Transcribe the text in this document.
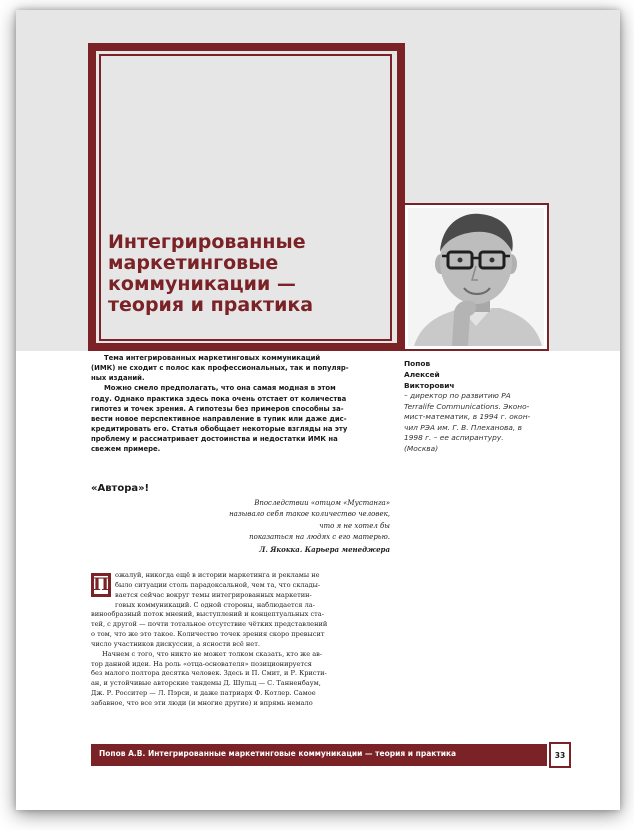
Интегрированные
маркетинговые
коммуникации —
теория и практика
Попов
Алексей
Викторович
– директор по развитию РА
Terralife Communications. Эконо-
мист-математик, в 1994 г. окон-
чил РЭА им. Г. В. Плеханова, в
1998 г. – ее аспирантуру.
(Москва)
Тема интегрированных маркетинговых коммуникаций
(ИМК) не сходит с полос как профессиональных, так и популяр-
ных изданий.
Можно смело предполагать, что она самая модная в этом
году. Однако практика здесь пока очень отстает от количества
гипотез и точек зрения. А гипотезы без примеров способны за-
вести новое перспективное направление в тупик или даже дис-
кредитировать его. Статья обобщает некоторые взгляды на эту
проблему и рассматривает достоинства и недостатки ИМК на
свежем примере.
«Автора»!
Впоследствии «отцом «Мустанга»
называло себя такое количество человек,
что я не хотел бы
показаться на людях с его матерью.
Л. Якокка. Карьера менеджера
П ожалуй, никогда ещё в истории маркетинга и рекламы не
было ситуации столь парадоксальной, чем та, что склады-
вается сейчас вокруг темы интегрированных маркетин-
говых коммуникаций. С одной стороны, наблюдается ла-
винообразный поток мнений, выступлений и концептуальных ста-
тей, с другой — почти тотальное отсутствие чётких представлений
о том, что же это такое. Количество точек зрения скоро превысит
число участников дискуссии, а ясности всё нет.
Начнем с того, что никто не может толком сказать, кто же ав-
тор данной идеи. На роль «отца-основателя» позиционируется
без малого полтора десятка человек. Здесь и П. Смит, и Р. Кристи-
ан, и устойчивые авторские тандемы Д. Шульц — С. Танненбаум,
Дж. Р. Росситер — Л. Пэрси, и даже патриарх Ф. Котлер. Самое
забавное, что все эти люди (и многие другие) и впрямь немало
Попов А.В. Интегрированные маркетинговые коммуникации — теория и практика	33
